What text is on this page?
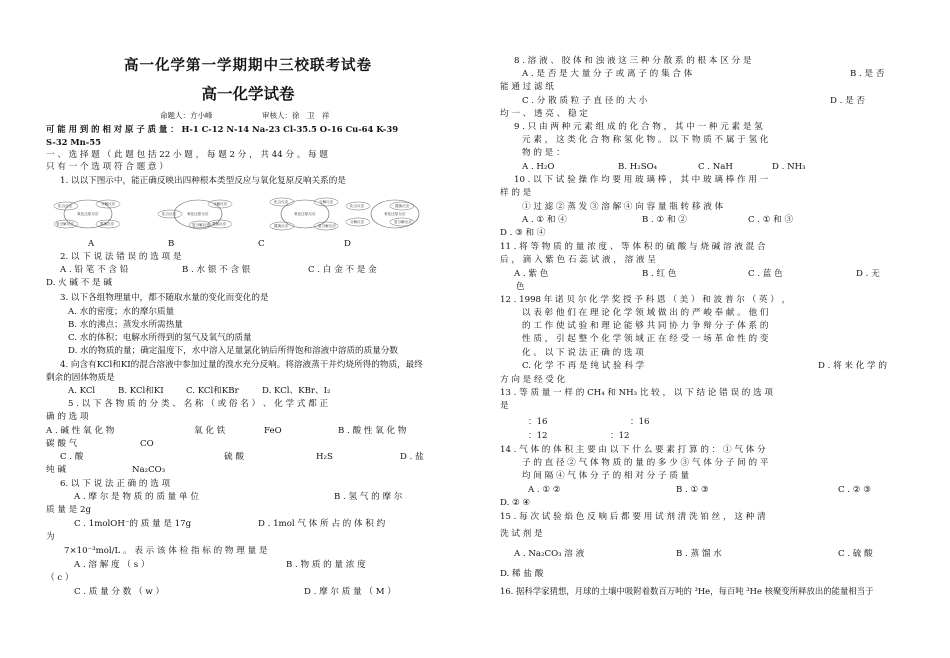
高一化学第一学期期中三校联考试卷
高一化学试卷
命题人：方小峰	审核人：徐　卫　祥
可 能 用 到 的 相 对 原 子 质 量 ： H-1 C-12 N-14 Na-23 Cl-35.5 O-16 Cu-64 K-39
S-32 Mn-55
一 、 选 择 题 （ 此 题 包 括 22 小 题 ， 每 题 2 分 ， 共 44 分 。 每 题
只 有 一 个 选 项 符 合 题 意 ）
1. 以以下图示中，能正确反映出四种根本类型反应与氧化复原反响关系的是
氧化还原反应
化合反应	分解反应
置换反应
复分解反应
氧化还原反应
化合反应
分解反应
置换反应
复分解反应
氧化还原反应
化合反应	分解反应
置换反应	复分解反应
氧化还原反应
化合反应
分解反应
置换反应
复分解反应
A	B	C	D
2. 以 下 说 法 错 误 的 选 项 是
A . 铅 笔 不 含 铅	B . 水 银 不 含 银	C . 白 金 不 是 金
D. 火 碱 不 是 碱
3. 以下各组物理量中，都不随取水量的变化而变化的是
A. 水的密度；水的摩尔质量
B. 水的沸点；蒸发水所需热量
C. 水的体积；电解水所得到的氢气及氧气的质量
D. 水的物质的量；确定温度下，水中溶入足量氯化钠后所得饱和溶液中溶质的质量分数
4. 向含有KCl和KI的混合溶液中参加过量的溴水充分反响。将溶液蒸干并灼烧所得的物质，最终
剩余的固体物质是
A. KCl	B. KCl和KI	C. KCl和KBr	D. KCl、KBr、I₂
5 . 以 下 各 物 质 的 分 类 、 名 称 （ 或 俗 名 ） 、 化 学 式 都 正
确 的 选 项
A . 碱 性 氧 化 物	氧 化 铁	FeO	B . 酸 性 氧 化 物
碳 酸 气	CO
C . 酸	硫 酸	H₂S	D . 盐
纯 碱	Na₂CO₃
6. 以 下 说 法 正 确 的 选 项
A . 摩 尔 是 物 质 的 质 量 单 位	B . 氢 气 的 摩 尔
质 量 是 2g
C . 1molOH⁻的 质 量 是 17g	D . 1mol 气 体 所 占 的 体 积 约
为
7×10⁻³mol/L 。 表 示 该 体 检 指 标 的 物 理 量 是
A . 溶 解 度 （ s ）	B . 物 质 的 量 浓 度
（ c ）
C . 质 量 分 数 （ w ）	D . 摩 尔 质 量 （ M ）
8 . 溶 液 、 胶 体 和 浊 液 这 三 种 分 散 系 的 根 本 区 分 是
A . 是 否 是 大 量 分 子 或 离 子 的 集 合 体	B . 是 否
能 通 过 滤 纸
C . 分 散 质 粒 子 直 径 的 大 小	D . 是 否
均 一 、 透 亮 、 稳 定
9 . 只 由 两 种 元 素 组 成 的 化 合 物 ， 其 中 一 种 元 素 是 氢
元 素 ， 这 类 化 合 物 称 氢 化 物 。 以 下 物 质 不 属 于 氢 化
物 的 是 ：
A . H₂O	B. H₂SO₄	C . NaH	D . NH₃
10 . 以 下 试 验 操 作 均 要 用 玻 璃 棒 ， 其 中 玻 璃 棒 作 用 一
样 的 是
① 过 滤 ② 蒸 发 ③ 溶 解 ④ 向 容 量 瓶 转 移 液 体
A . ① 和 ④	B . ① 和 ②	C . ① 和 ③
D . ③ 和 ④
11 . 将 等 物 质 的 量 浓 度 、 等 体 积 的 硫 酸 与 烧 碱 溶 液 混 合
后 ， 滴 入 紫 色 石 蕊 试 液 ， 溶 液 呈
A . 紫 色	B . 红 色	C . 蓝 色	D . 无
色
12 . 1998 年 诺 贝 尔 化 学 奖 授 予 科 恩 （ 美 ） 和 波 普 尔 （ 英 ） ，
以 表 彰 他 们 在 理 论 化 学 领 域 做 出 的 严 峻 奉 献 。 他 们
的 工 作 使 试 验 和 理 论 能 够 共 同 协 力 争 辩 分 子 体 系 的
性 质 ， 引 起 整 个 化 学 领 域 正 在 经 受 一 场 革 命 性 的 变
化 。 以 下 说 法 正 确 的 选 项
C. 化 学 不 再 是 纯 试 验 科 学	D . 将 来 化 学 的
方 向 是 经 受 化
13 . 等 质 量 一 样 的 CH₄ 和 NH₃ 比 较 ， 以 下 结 论 错 误 的 选 项
是
：16	：16
：12	：12
14 . 气 体 的 体 积 主 要 由 以 下 什 么 要 素 打 算 的 ： ① 气 体 分
子 的 直 径 ② 气 体 物 质 的 量 的 多 少 ③ 气 体 分 子 间 的 平
均 间 隔 ④ 气 体 分 子 的 相 对 分 子 质 量
A . ① ②	B . ① ③	C . ② ③
D. ② ④
15 . 每 次 试 验 焰 色 反 响 后 都 要 用 试 剂 清 洗 铂 丝 ， 这 种 清
洗 试 剂 是
A . Na₂CO₃ 溶 液	B . 蒸 馏 水	C . 硫 酸
D. 稀 盐 酸
16. 据科学家猜想，月球的土壤中吸附着数百万吨的 ³He，每百吨 ³He 核聚变所释放出的能量相当于
